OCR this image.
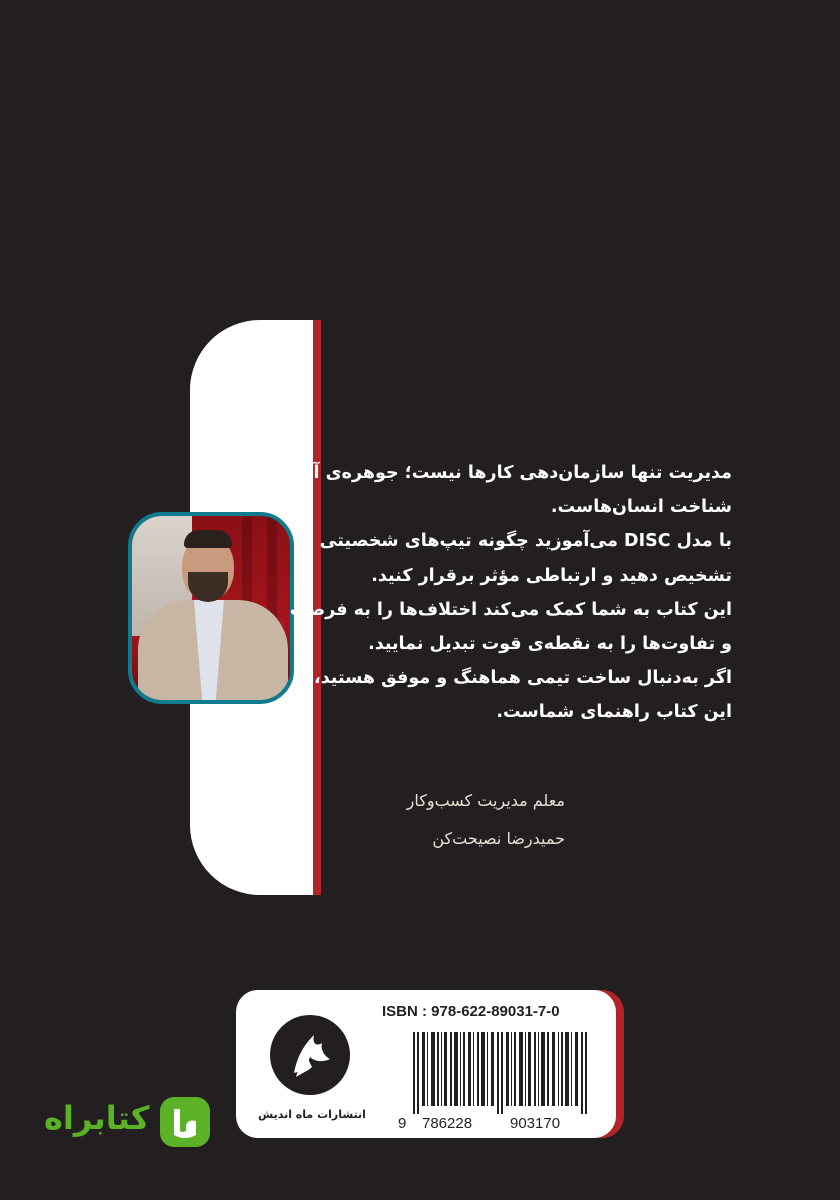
مدیریت تنها سازمان‌دهی کارها نیست؛ جوهره‌ی آن

شناخت انسان‌هاست.

با مدل DISC می‌آموزید چگونه تیپ‌های شخصیتی را

تشخیص دهید و ارتباطی مؤثر برقرار کنید.

این کتاب به شما کمک می‌کند اختلاف‌ها را به فرصت

و تفاوت‌ها را به نقطه‌ی قوت تبدیل نمایید.

اگر به‌دنبال ساخت تیمی هماهنگ و موفق هستید،

این کتاب راهنمای شماست.

معلم مدیریت کسب‌وکار

حمیدرضا نصیحت‌کن

ISBN : 978-622-89031-7-0
9 786228	903170
انتشارات ماه اندیش
کتابراه
